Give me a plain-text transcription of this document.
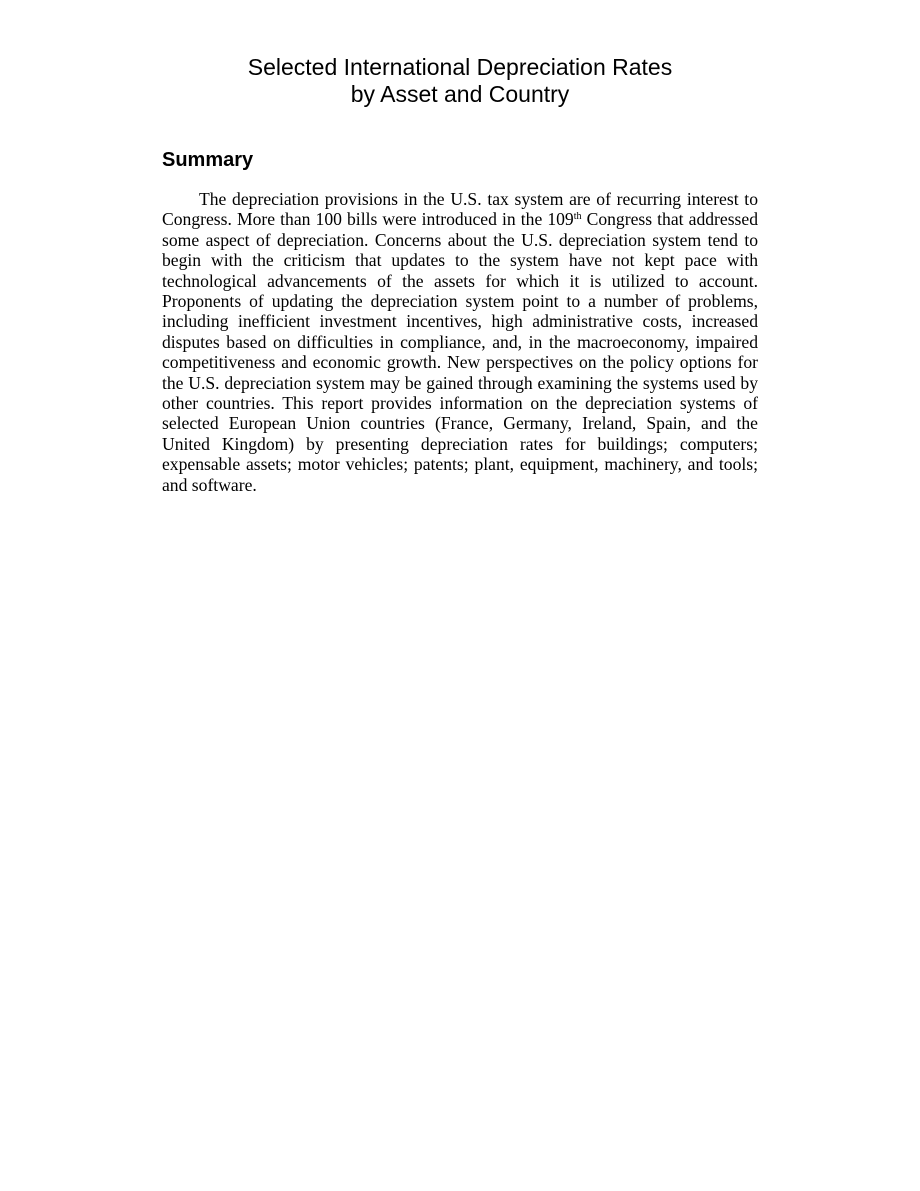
Selected International Depreciation Rates
by Asset and Country
Summary

The depreciation provisions in the U.S. tax system are of recurring interest to Congress. More than 100 bills were introduced in the 109th Congress that addressed some aspect of depreciation. Concerns about the U.S. depreciation system tend to begin with the criticism that updates to the system have not kept pace with technological advancements of the assets for which it is utilized to account. Proponents of updating the depreciation system point to a number of problems, including inefficient investment incentives, high administrative costs, increased disputes based on difficulties in compliance, and, in the macroeconomy, impaired competitiveness and economic growth. New perspectives on the policy options for the U.S. depreciation system may be gained through examining the systems used by other countries. This report provides information on the depreciation systems of selected European Union countries (France, Germany, Ireland, Spain, and the United Kingdom) by presenting depreciation rates for buildings; computers; expensable assets; motor vehicles; patents; plant, equipment, machinery, and tools; and software.
